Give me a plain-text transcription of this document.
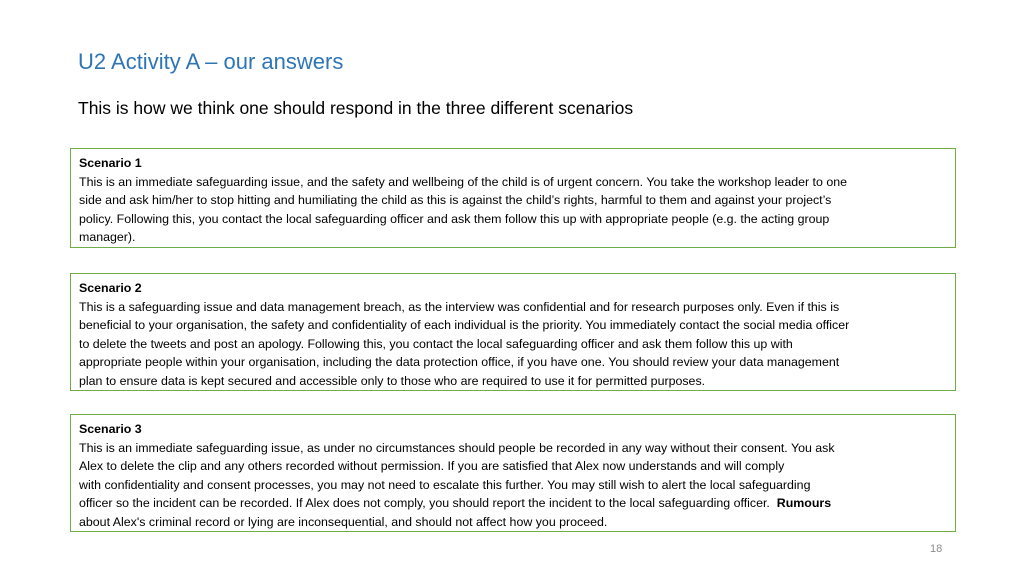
U2 Activity A – our answers
This is how we think one should respond in the three different scenarios
Scenario 1
This is an immediate safeguarding issue, and the safety and wellbeing of the child is of urgent concern. You take the workshop leader to one
side and ask him/her to stop hitting and humiliating the child as this is against the child’s rights, harmful to them and against your project’s
policy. Following this, you contact the local safeguarding officer and ask them follow this up with appropriate people (e.g. the acting group
manager).
Scenario 2
This is a safeguarding issue and data management breach, as the interview was confidential and for research purposes only. Even if this is
beneficial to your organisation, the safety and confidentiality of each individual is the priority. You immediately contact the social media officer
to delete the tweets and post an apology. Following this, you contact the local safeguarding officer and ask them follow this up with
appropriate people within your organisation, including the data protection office, if you have one. You should review your data management
plan to ensure data is kept secured and accessible only to those who are required to use it for permitted purposes.
Scenario 3
This is an immediate safeguarding issue, as under no circumstances should people be recorded in any way without their consent. You ask
Alex to delete the clip and any others recorded without permission. If you are satisfied that Alex now understands and will comply
with confidentiality and consent processes, you may not need to escalate this further. You may still wish to alert the local safeguarding
officer so the incident can be recorded. If Alex does not comply, you should report the incident to the local safeguarding officer. Rumours
about Alex's criminal record or lying are inconsequential, and should not affect how you proceed.
18
